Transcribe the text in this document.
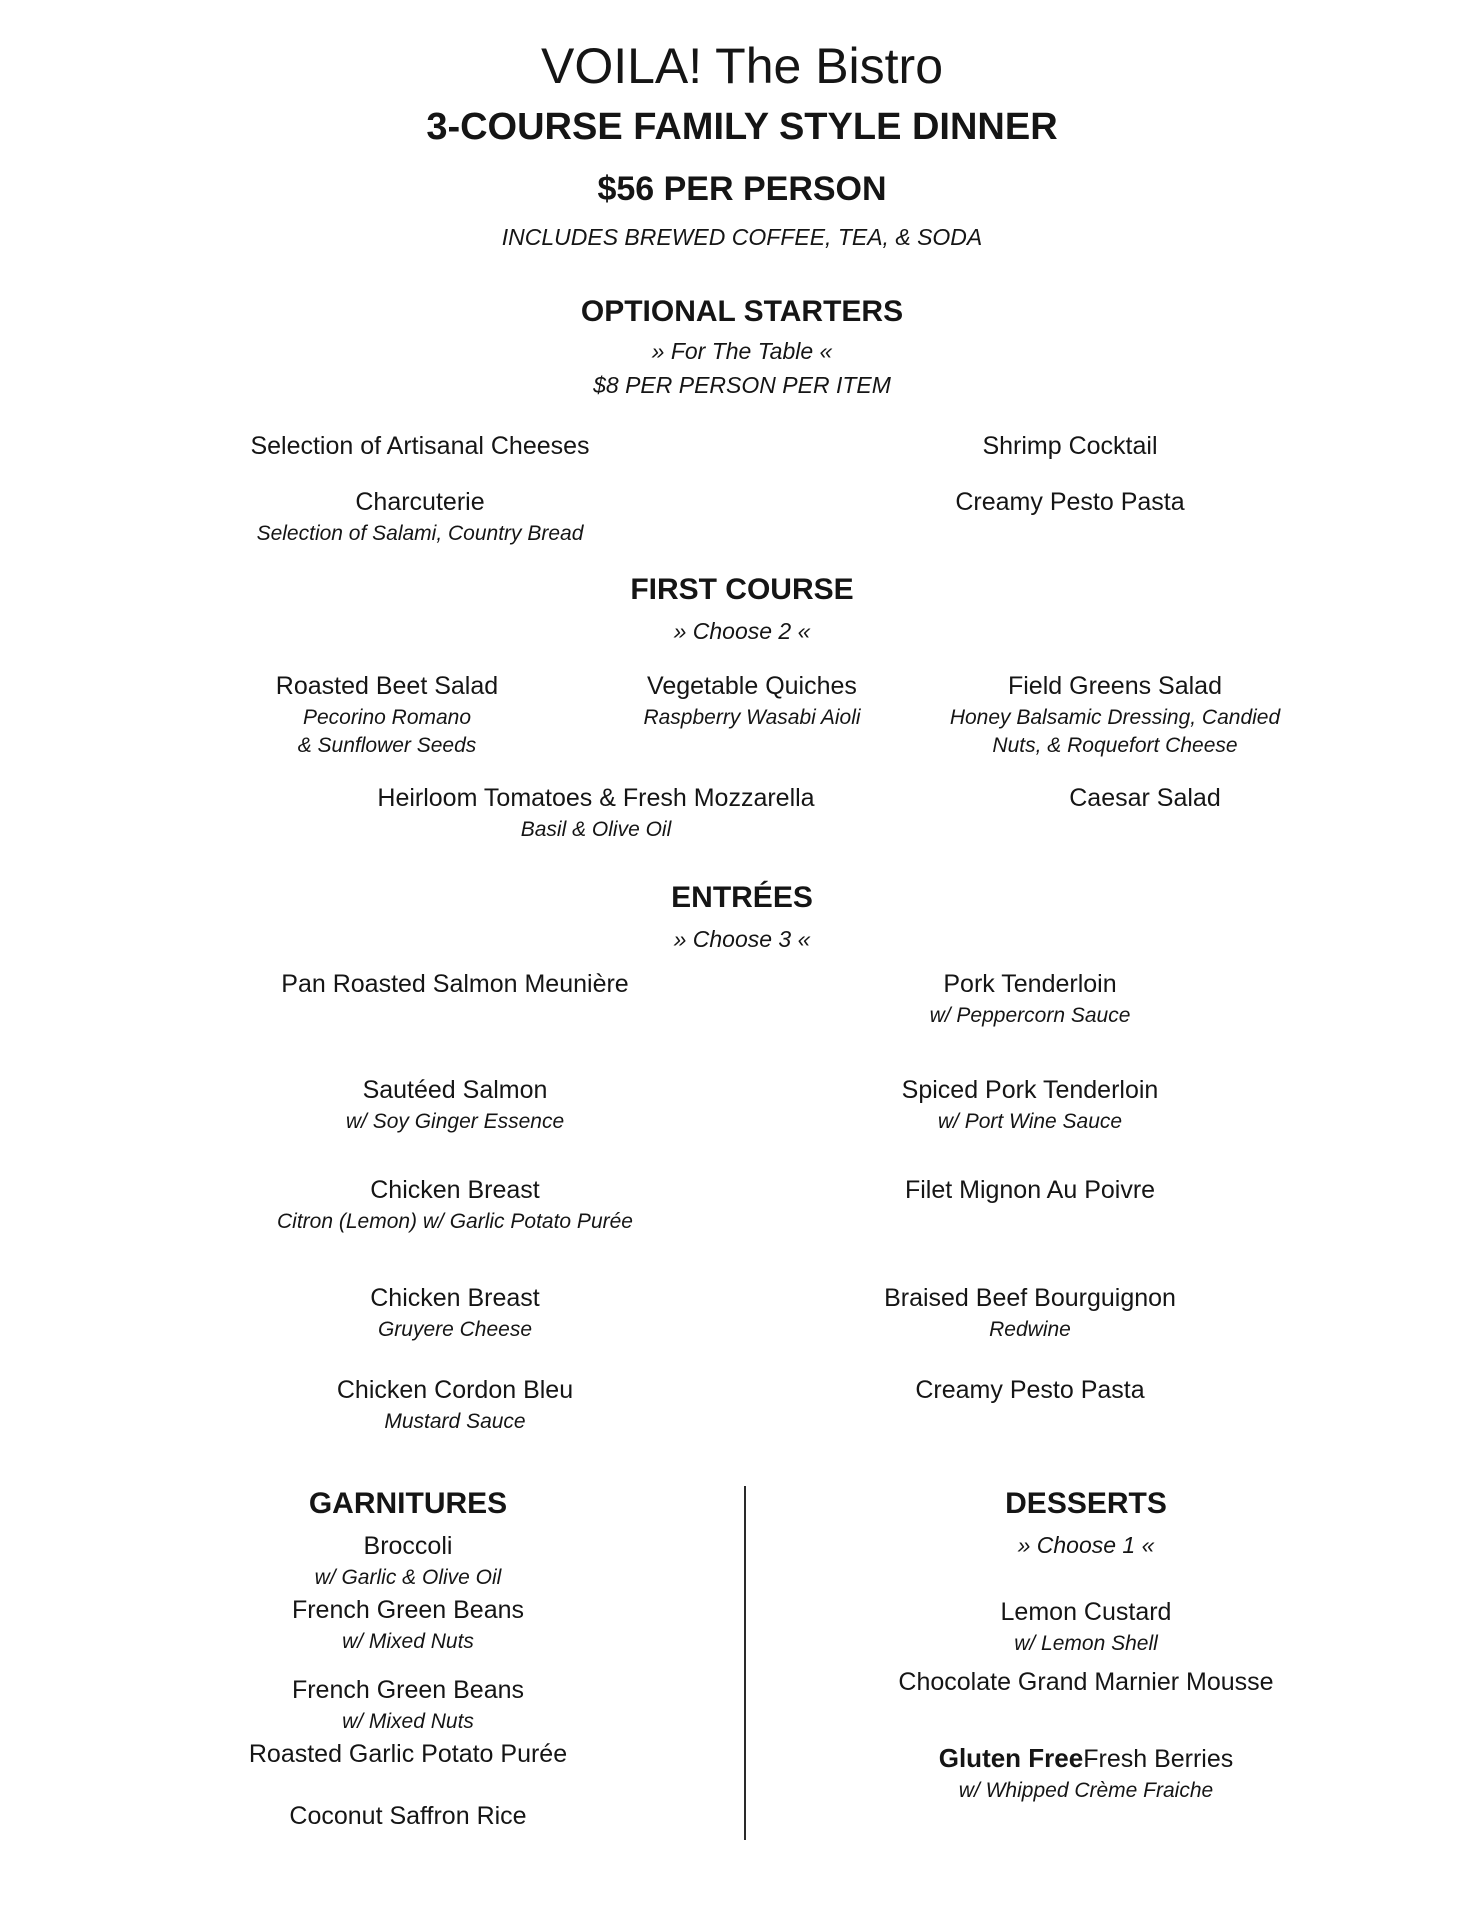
VOILA! The Bistro
3-COURSE FAMILY STYLE DINNER
$56 PER PERSON
INCLUDES BREWED COFFEE, TEA, & SODA
OPTIONAL STARTERS
» For The Table «
$8 PER PERSON PER ITEM
Selection of Artisanal Cheeses
Charcuterie
Selection of Salami, Country Bread
Shrimp Cocktail
Creamy Pesto Pasta
FIRST COURSE
» Choose 2 «
Roasted Beet Salad
Pecorino Romano
& Sunflower Seeds
Vegetable Quiches
Raspberry Wasabi Aioli
Field Greens Salad
Honey Balsamic Dressing, Candied
Nuts, & Roquefort Cheese
Heirloom Tomatoes & Fresh Mozzarella
Basil & Olive Oil
Caesar Salad
ENTRÉES
» Choose 3 «
Pan Roasted Salmon Meunière
Sautéed Salmon
w/ Soy Ginger Essence
Chicken Breast
Citron (Lemon) w/ Garlic Potato Purée
Chicken Breast
Gruyere Cheese
Chicken Cordon Bleu
Mustard Sauce
Pork Tenderloin
w/ Peppercorn Sauce
Spiced Pork Tenderloin
w/ Port Wine Sauce
Filet Mignon Au Poivre
Braised Beef Bourguignon
Redwine
Creamy Pesto Pasta
GARNITURES
Broccoli
w/ Garlic & Olive Oil
French Green Beans
w/ Mixed Nuts
French Green Beans
w/ Mixed Nuts
Roasted Garlic Potato Purée
Coconut Saffron Rice
DESSERTS
» Choose 1 «
Lemon Custard
w/ Lemon Shell
Chocolate Grand Marnier Mousse
Gluten FreeFresh Berries
w/ Whipped Crème Fraiche
